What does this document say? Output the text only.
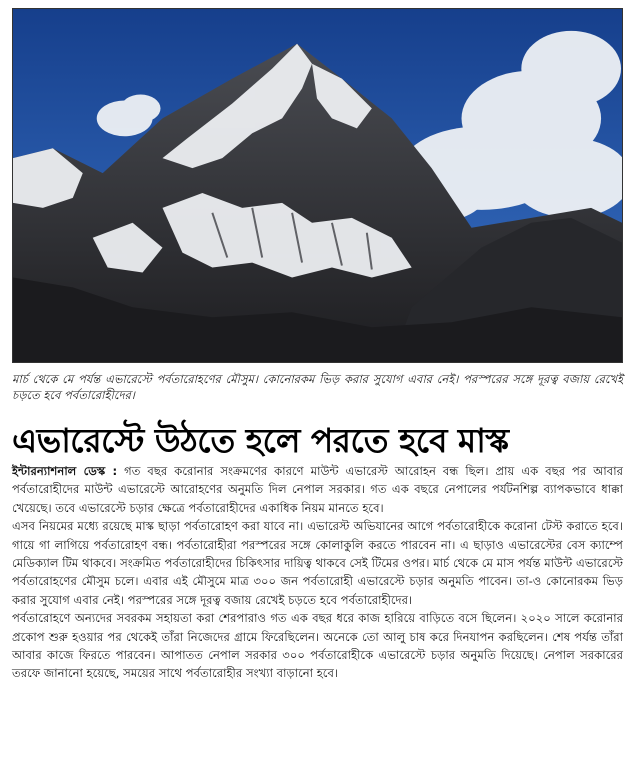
মার্চ থেকে মে পর্যন্ত এভারেস্টে পর্বতারোহণের মৌসুম। কোনোরকম ভিড় করার সুযোগ এবার নেই। পরস্পরের সঙ্গে দূরত্ব বজায় রেখেই চড়তে হবে পর্বতারোহীদের।
এভারেস্টে উঠতে হলে পরতে হবে মাস্ক

ইন্টারন্যাশনাল ডেস্ক : গত বছর করোনার সংক্রমণের কারণে মাউন্ট এভারেস্ট আরোহন বন্ধ ছিল। প্রায় এক বছর পর আবার পর্বতারোহীদের মাউন্ট এভারেস্টে আরোহণের অনুমতি দিল নেপাল সরকার। গত এক বছরে নেপালের পর্যটনশিল্প ব্যাপকভাবে ধাক্কা খেয়েছে। তবে এভারেস্টে চড়ার ক্ষেত্রে পর্বতারোহীদের একাধিক নিয়ম মানতে হবে।

এসব নিয়মের মধ্যে রয়েছে মাস্ক ছাড়া পর্বতারোহণ করা যাবে না। এভারেস্ট অভিযানের আগে পর্বতারোহীকে করোনা টেস্ট করাতে হবে। গায়ে গা লাগিয়ে পর্বতারোহণ বন্ধ। পর্বতারোহীরা পরস্পরের সঙ্গে কোলাকুলি করতে পারবেন না। এ ছাড়াও এভারেস্টের বেস ক্যাম্পে মেডিক্যাল টিম থাকবে। সংক্রমিত পর্বতারোহীদের চিকিৎসার দায়িত্ব থাকবে সেই টিমের ওপর। মার্চ থেকে মে মাস পর্যন্ত মাউন্ট এভারেস্টে পর্বতারোহণের মৌসুম চলে। এবার এই মৌসুমে মাত্র ৩০০ জন পর্বতারোহী এভারেস্টে চড়ার অনুমতি পাবেন। তা-ও কোনোরকম ভিড় করার সুযোগ এবার নেই। পরস্পরের সঙ্গে দূরত্ব বজায় রেখেই চড়তে হবে পর্বতারোহীদের।

পর্বতারোহণে অন্যদের সবরকম সহায়তা করা শেরপারাও গত এক বছর ধরে কাজ হারিয়ে বাড়িতে বসে ছিলেন। ২০২০ সালে করোনার প্রকোপ শুরু হওয়ার পর থেকেই তাঁরা নিজেদের গ্রামে ফিরেছিলেন। অনেকে তো আলু চাষ করে দিনযাপন করছিলেন। শেষ পর্যন্ত তাঁরা আবার কাজে ফিরতে পারবেন। আপাতত নেপাল সরকার ৩০০ পর্বতারোহীকে এভারেস্টে চড়ার অনুমতি দিয়েছে। নেপাল সরকারের তরফে জানানো হয়েছে, সময়ের সাথে পর্বতারোহীর সংখ্যা বাড়ানো হবে।
